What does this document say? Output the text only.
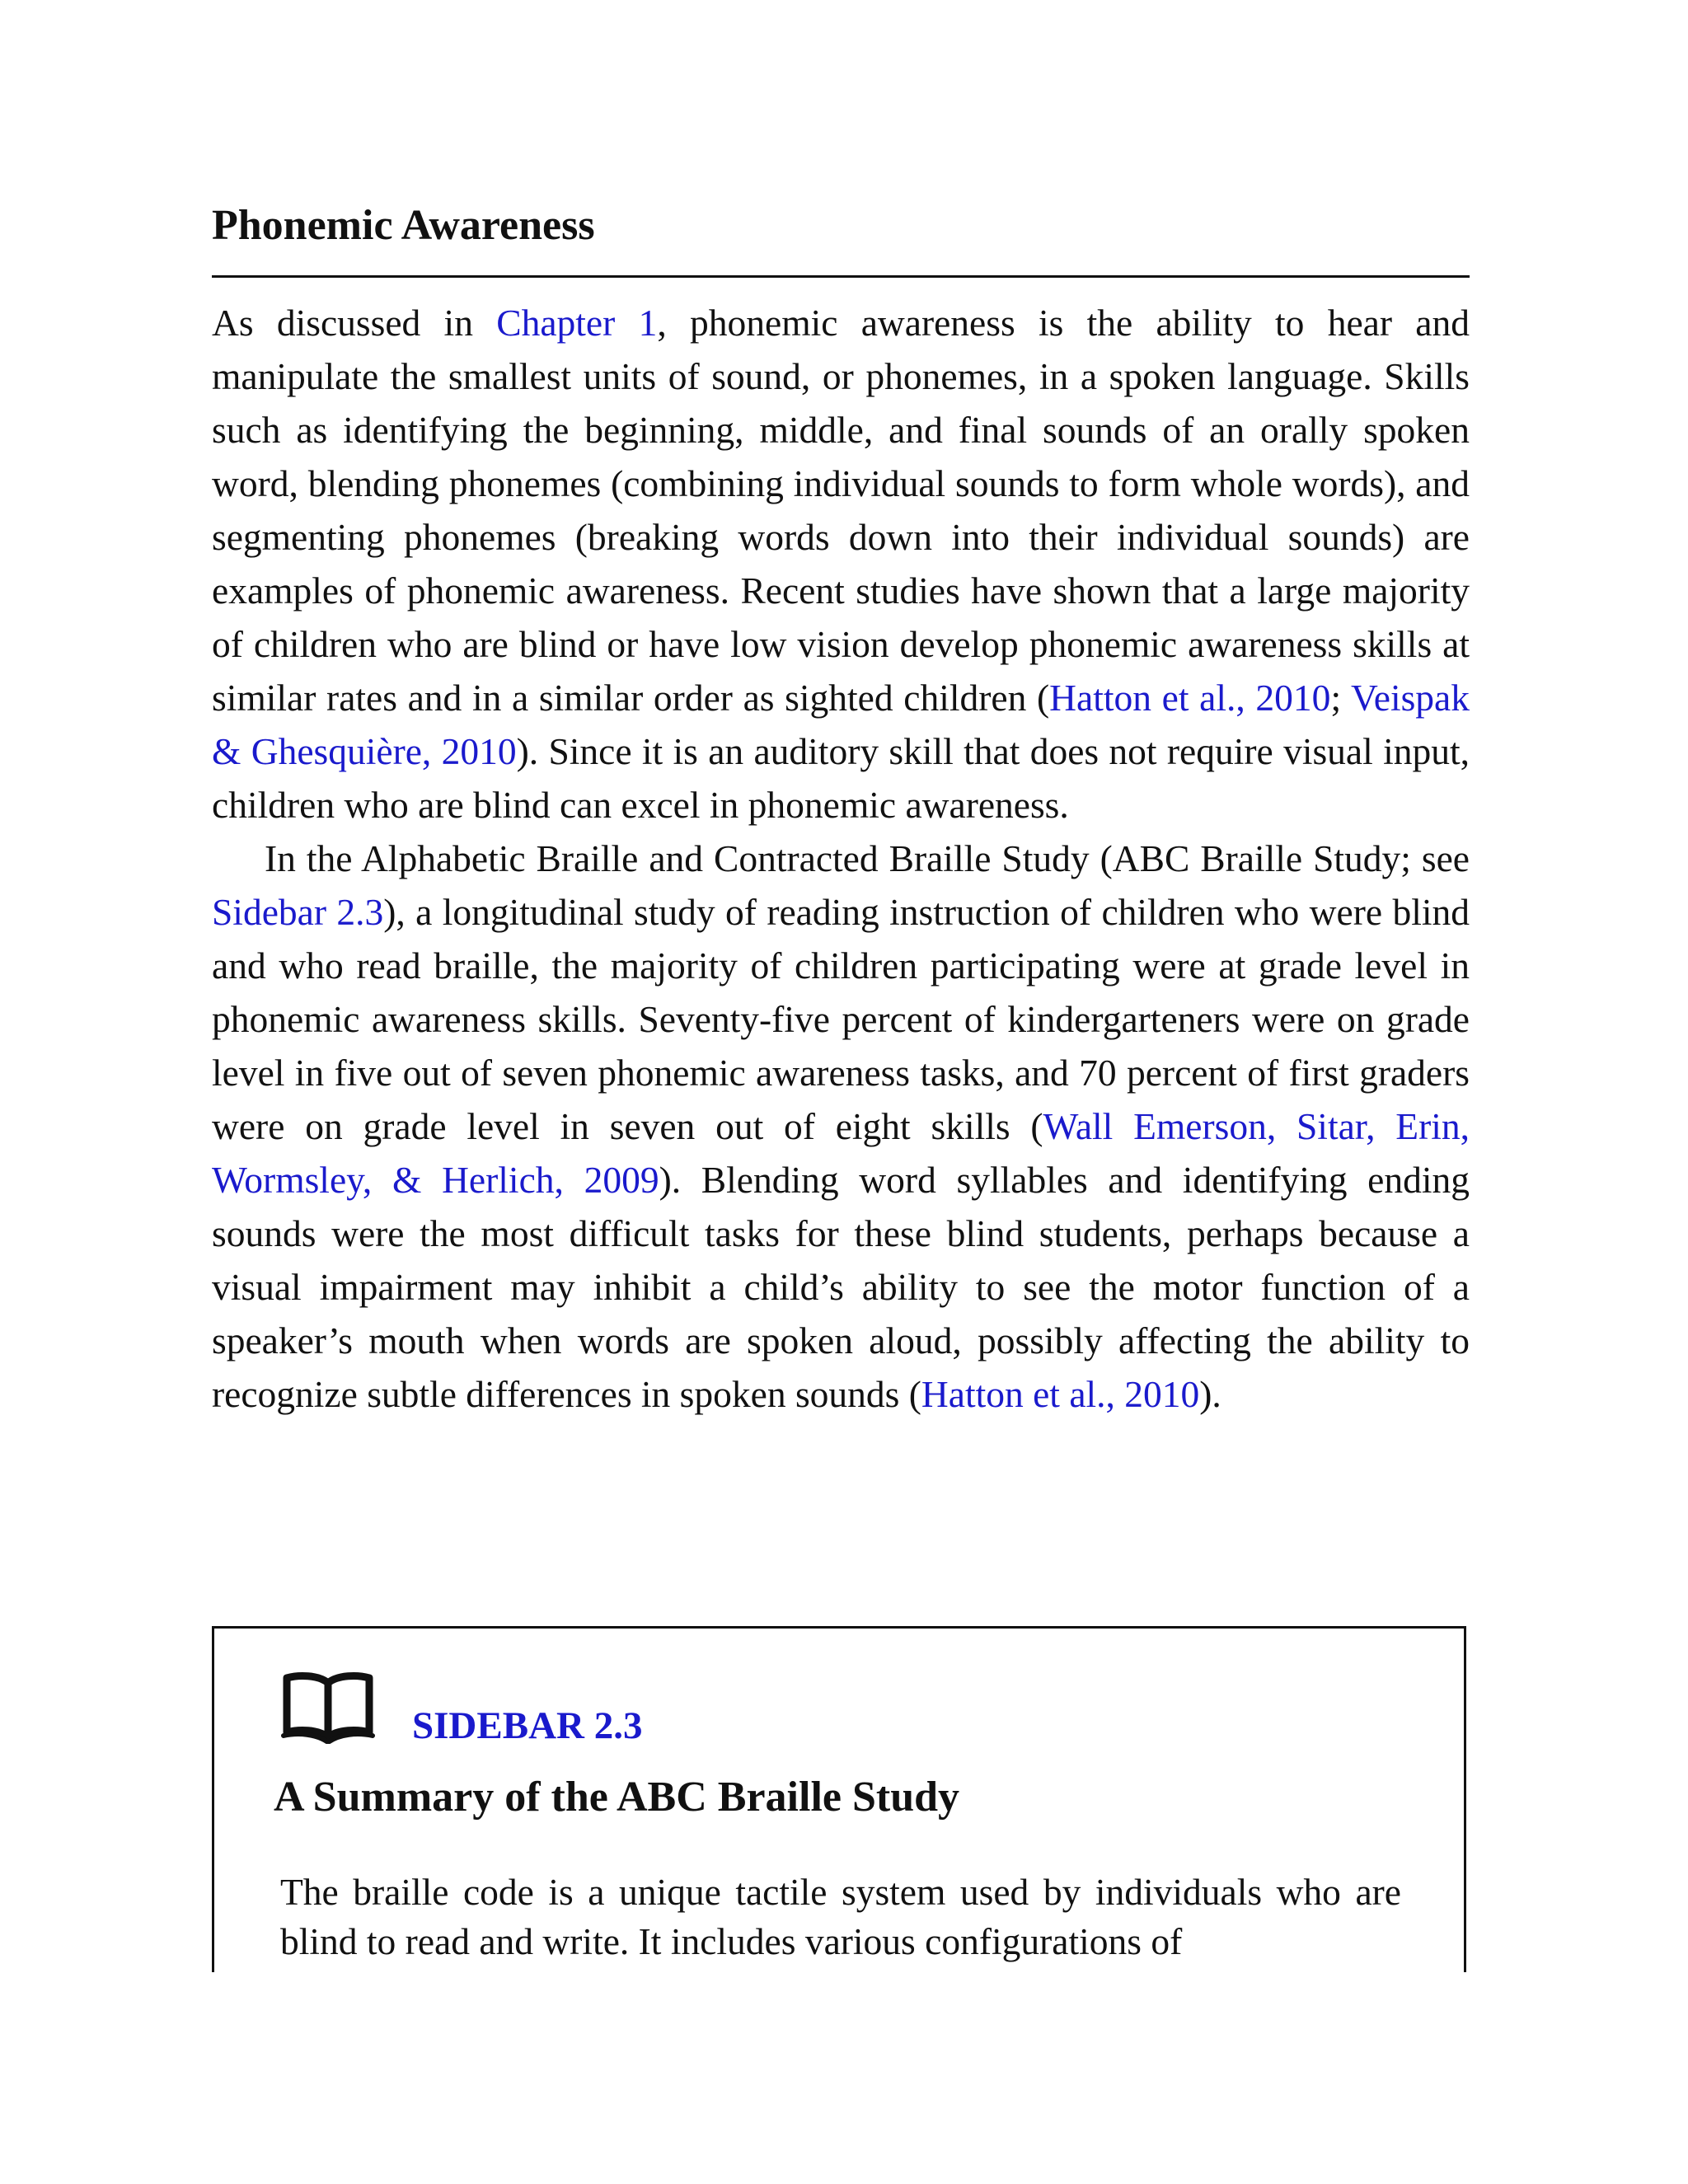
Phonemic Awareness

As discussed in Chapter 1, phonemic awareness is the ability to hear and manipulate the smallest units of sound, or phonemes, in a spoken language. Skills such as identifying the beginning, middle, and final sounds of an orally spoken word, blending phonemes (combining individual sounds to form whole words), and segmenting phonemes (breaking words down into their individual sounds) are examples of phonemic awareness. Recent studies have shown that a large majority of children who are blind or have low vision develop phonemic awareness skills at similar rates and in a similar order as sighted children (Hatton et al., 2010; Veispak & Ghesquière, 2010). Since it is an auditory skill that does not require visual input, children who are blind can excel in phonemic awareness.

In the Alphabetic Braille and Contracted Braille Study (ABC Braille Study; see Sidebar 2.3), a longitudinal study of reading instruction of children who were blind and who read braille, the majority of children participating were at grade level in phonemic awareness skills. Seventy-five percent of kindergarteners were on grade level in five out of seven phonemic awareness tasks, and 70 percent of first graders were on grade level in seven out of eight skills (Wall Emerson, Sitar, Erin, Wormsley, & Herlich, 2009). Blending word syllables and identifying ending sounds were the most difficult tasks for these blind students, perhaps because a visual impairment may inhibit a child’s ability to see the motor function of a speaker’s mouth when words are spoken aloud, possibly affecting the ability to recognize subtle differences in spoken sounds (Hatton et al., 2010).

SIDEBAR 2.3
A Summary of the ABC Braille Study

The braille code is a unique tactile system used by individuals who are blind to read and write. It includes various configurations of
